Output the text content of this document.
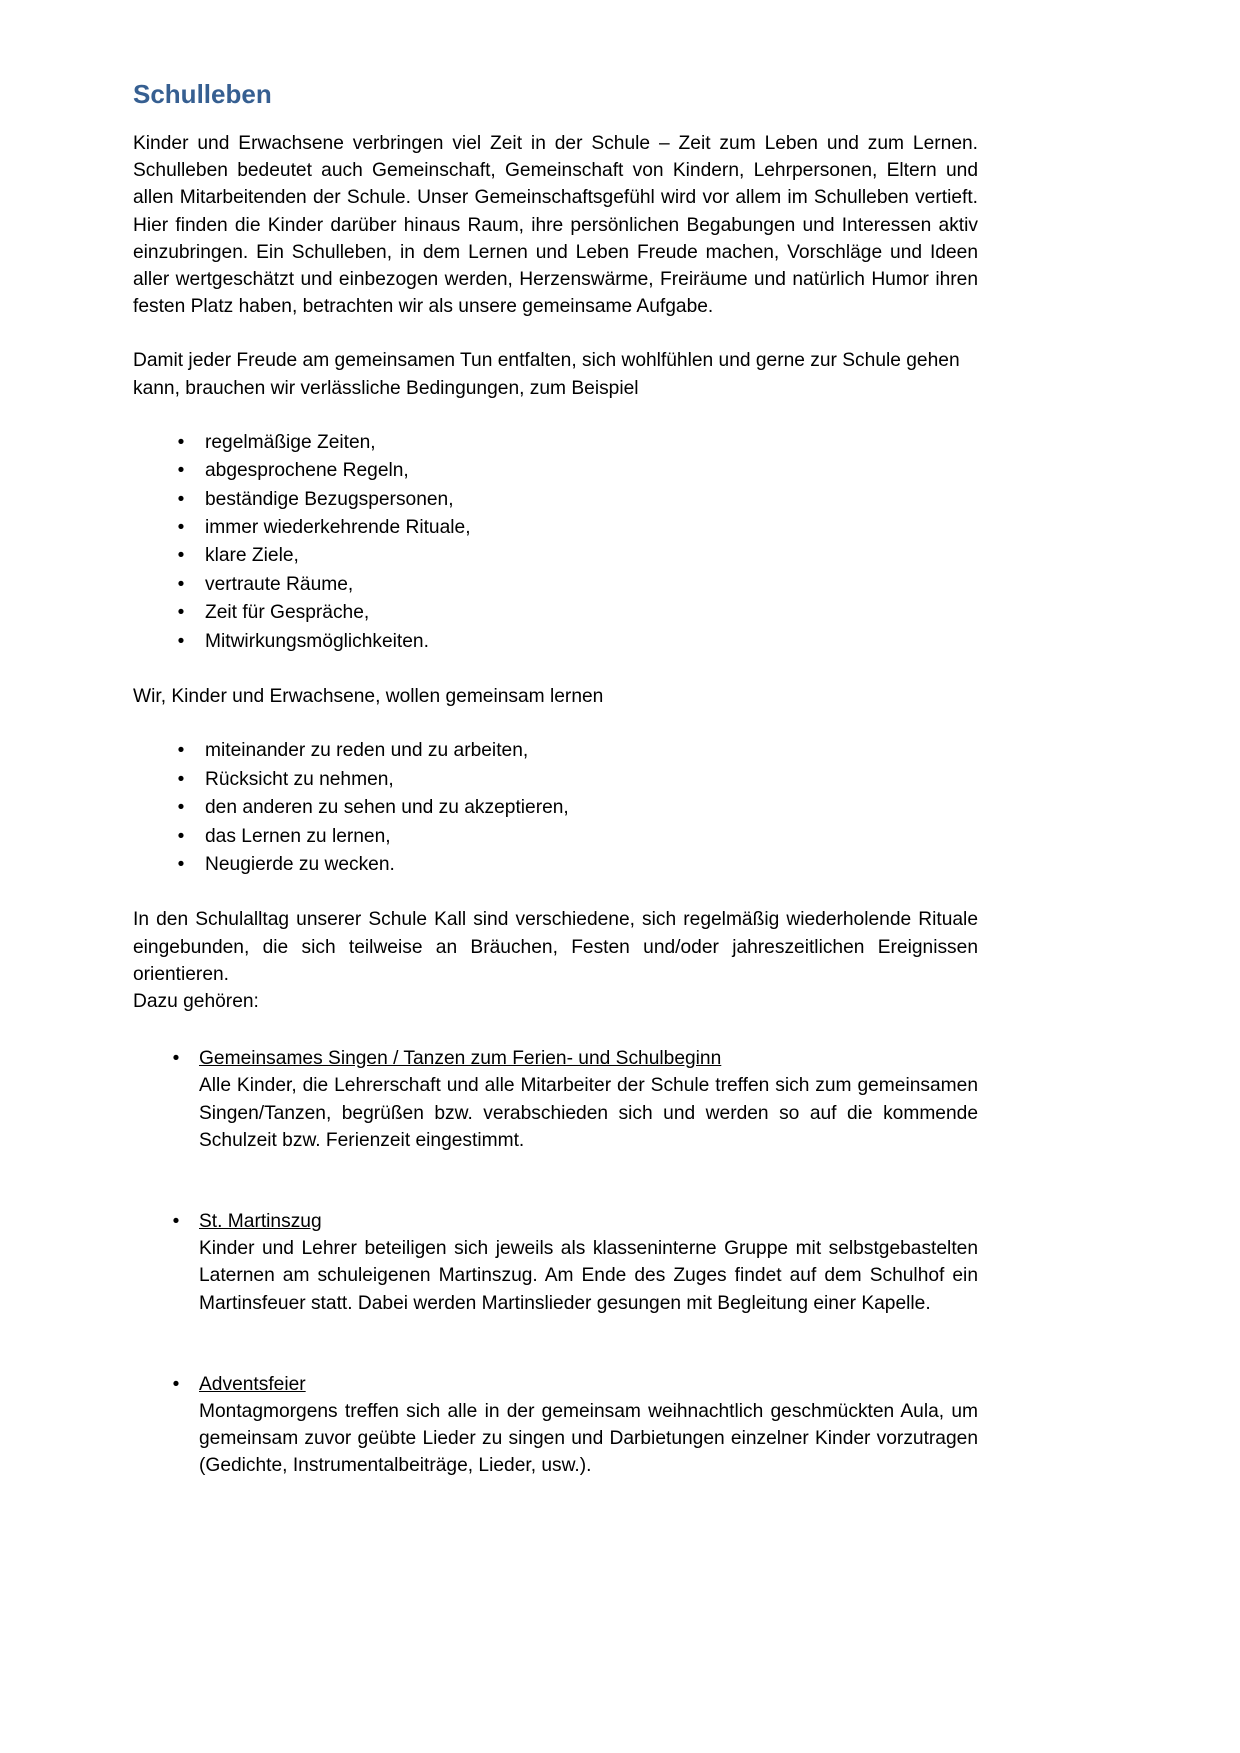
Schulleben

Kinder und Erwachsene verbringen viel Zeit in der Schule – Zeit zum Leben und zum Lernen. Schulleben bedeutet auch Gemeinschaft, Gemeinschaft von Kindern, Lehrpersonen, Eltern und allen Mitarbeitenden der Schule. Unser Gemeinschaftsgefühl wird vor allem im Schulleben vertieft. Hier finden die Kinder darüber hinaus Raum, ihre persönlichen Begabungen und Interessen aktiv einzubringen. Ein Schulleben, in dem Lernen und Leben Freude machen, Vorschläge und Ideen aller wertgeschätzt und einbezogen werden, Herzenswärme, Freiräume und natürlich Humor ihren festen Platz haben, betrachten wir als unsere gemeinsame Aufgabe.

Damit jeder Freude am gemeinsamen Tun entfalten, sich wohlfühlen und gerne zur Schule gehen kann, brauchen wir verlässliche Bedingungen, zum Beispiel

•	regelmäßige Zeiten,
•	abgesprochene Regeln,
•	beständige Bezugspersonen,
•	immer wiederkehrende Rituale,
•	klare Ziele,
•	vertraute Räume,
•	Zeit für Gespräche,
•	Mitwirkungsmöglichkeiten.

Wir, Kinder und Erwachsene, wollen gemeinsam lernen

•	miteinander zu reden und zu arbeiten,
•	Rücksicht zu nehmen,
•	den anderen zu sehen und zu akzeptieren,
•	das Lernen zu lernen,
•	Neugierde zu wecken.

In den Schulalltag unserer Schule Kall sind verschiedene, sich regelmäßig wiederholende Rituale eingebunden, die sich teilweise an Bräuchen, Festen und/oder jahreszeitlichen Ereignissen orientieren.

Dazu gehören:

•	Gemeinsames Singen / Tanzen zum Ferien- und Schulbeginn
Alle Kinder, die Lehrerschaft und alle Mitarbeiter der Schule treffen sich zum gemeinsamen Singen/Tanzen, begrüßen bzw. verabschieden sich und werden so auf die kommende Schulzeit bzw. Ferienzeit eingestimmt.
•	St. Martinszug
Kinder und Lehrer beteiligen sich jeweils als klasseninterne Gruppe mit selbstgebastelten Laternen am schuleigenen Martinszug. Am Ende des Zuges findet auf dem Schulhof ein Martinsfeuer statt. Dabei werden Martinslieder gesungen mit Begleitung einer Kapelle.
•	Adventsfeier
Montagmorgens treffen sich alle in der gemeinsam weihnachtlich geschmückten Aula, um gemeinsam zuvor geübte Lieder zu singen und Darbietungen einzelner Kinder vorzutragen (Gedichte, Instrumentalbeiträge, Lieder, usw.).
